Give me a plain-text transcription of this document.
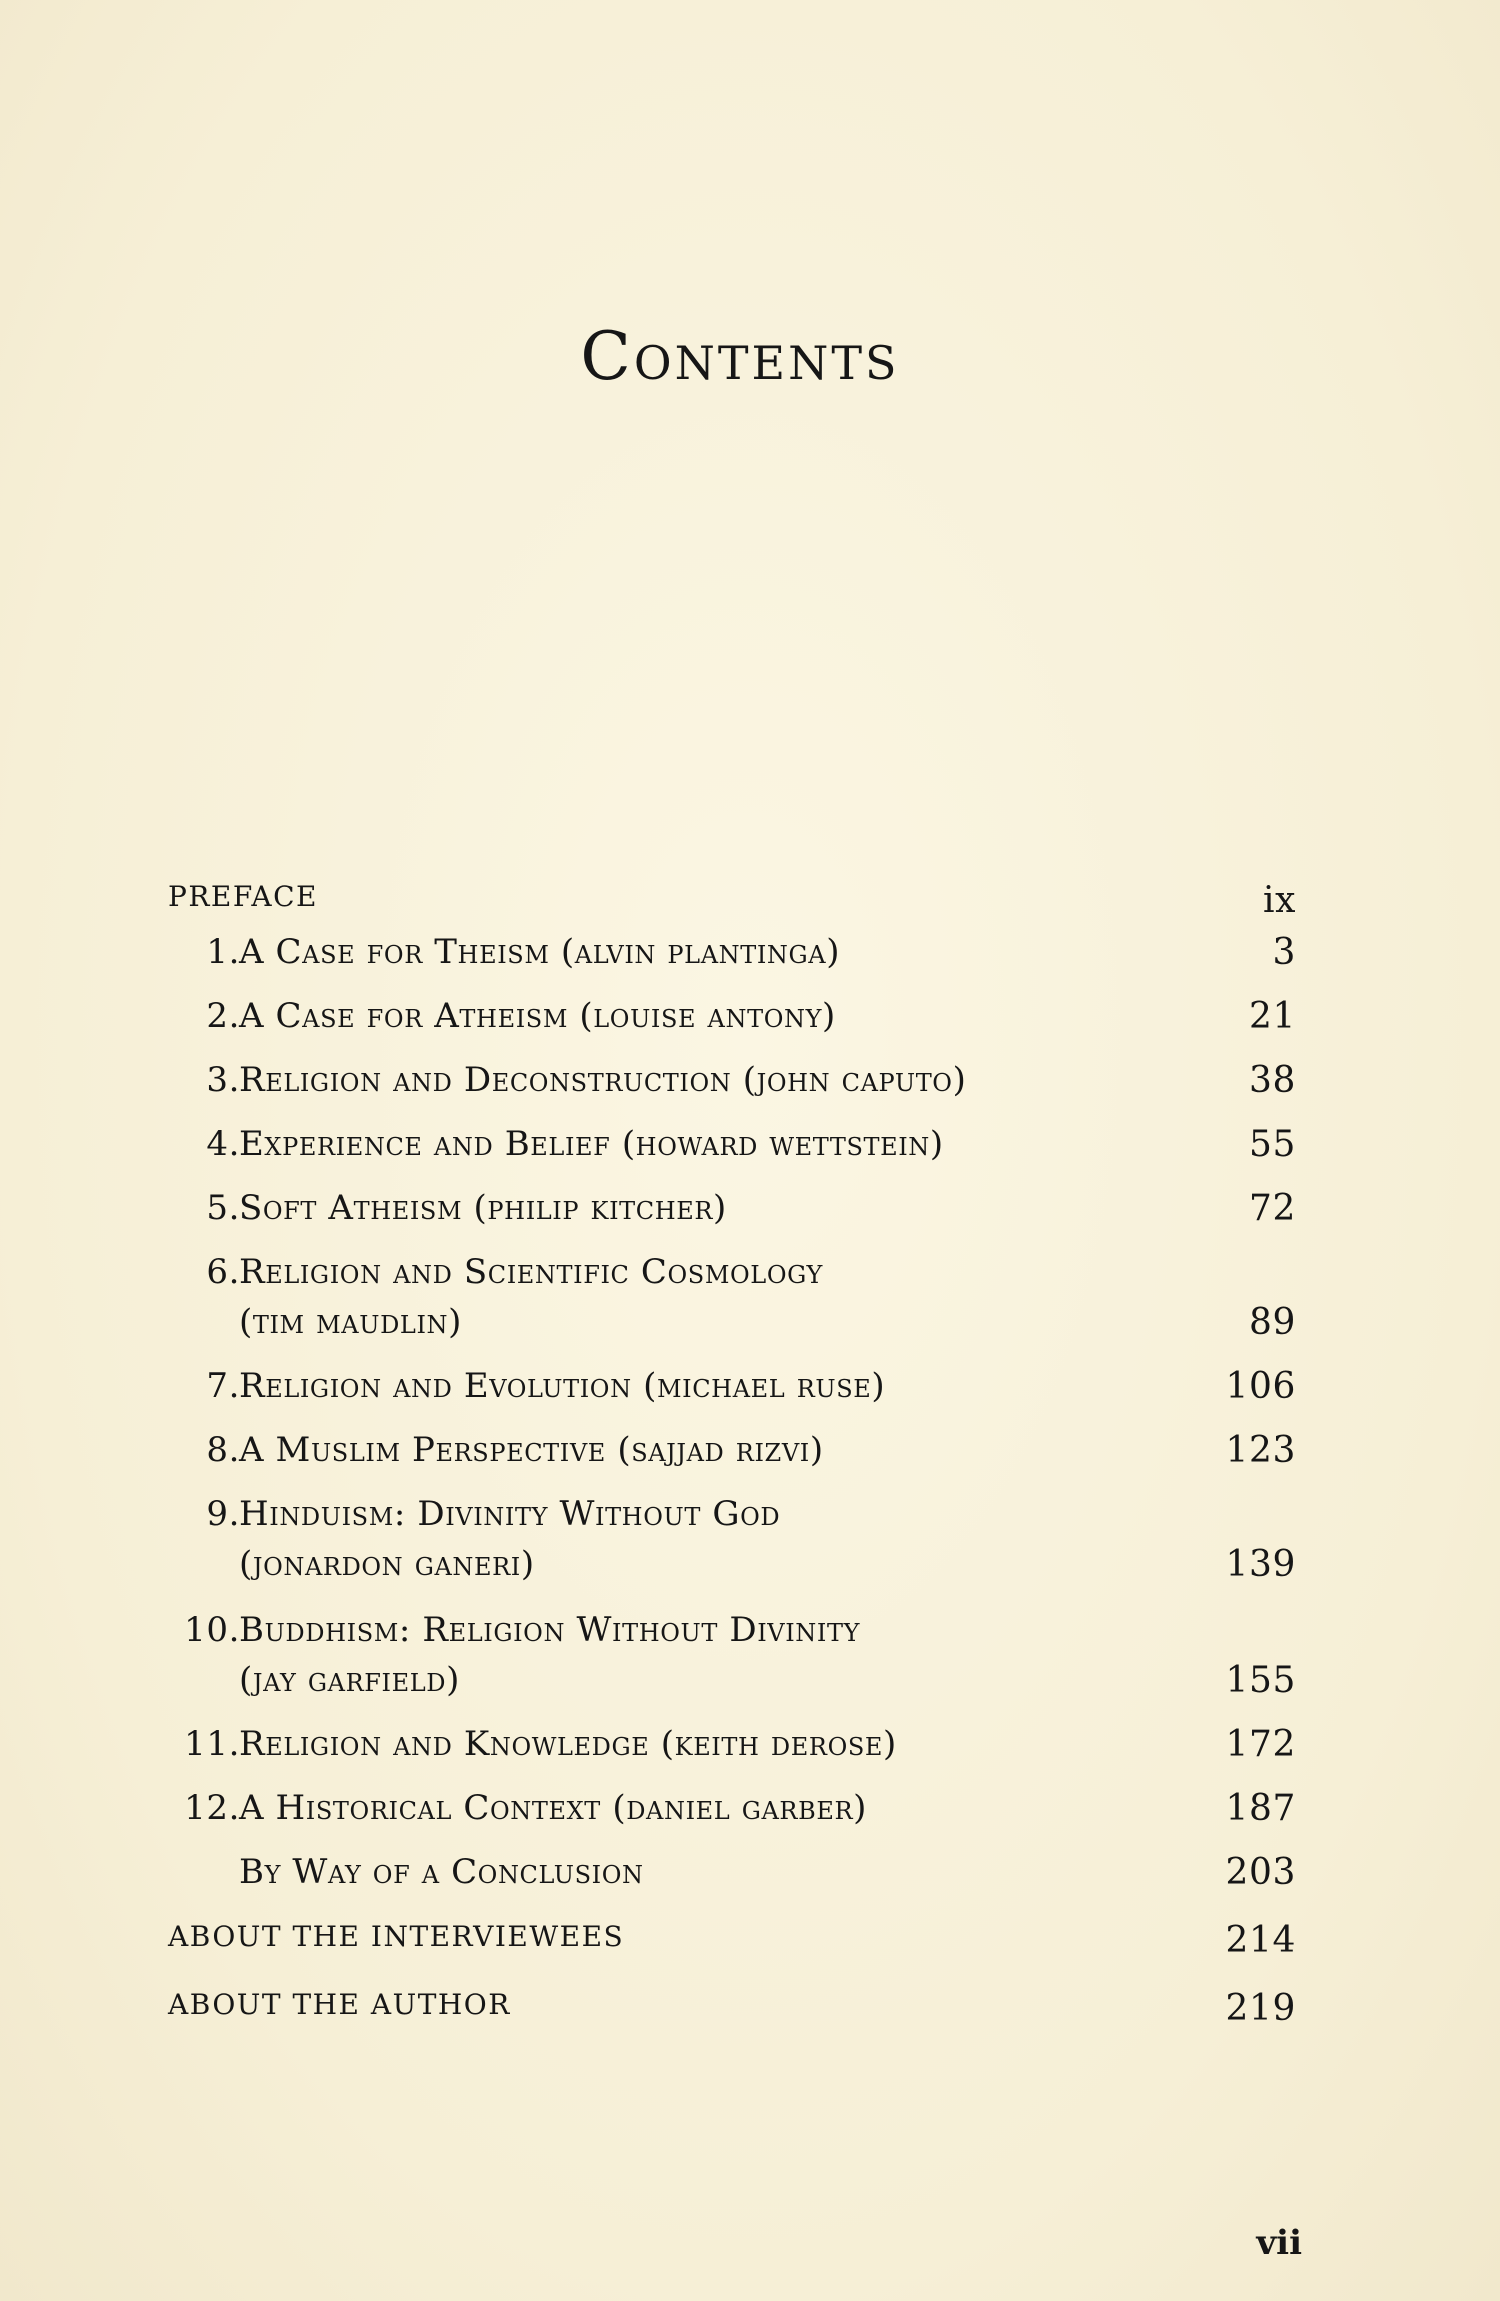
Contents
PREFACE	ix
1. A Case for Theism (alvin plantinga)	3
2. A Case for Atheism (louise antony)	21
3. Religion and Deconstruction (john caputo)	38
4. Experience and Belief (howard wettstein)	55
5. Soft Atheism (philip kitcher)	72
6. Religion and Scientific Cosmology
(tim maudlin)	89
7. Religion and Evolution (michael ruse)	106
8. A Muslim Perspective (sajjad rizvi)	123
9. Hinduism: Divinity Without God
(jonardon ganeri)	139
10. Buddhism: Religion Without Divinity
(jay garfield)	155
11. Religion and Knowledge (keith derose)	172
12. A Historical Context (daniel garber)	187
By Way of a Conclusion	203
ABOUT THE INTERVIEWEES	214
ABOUT THE AUTHOR	219
vii
